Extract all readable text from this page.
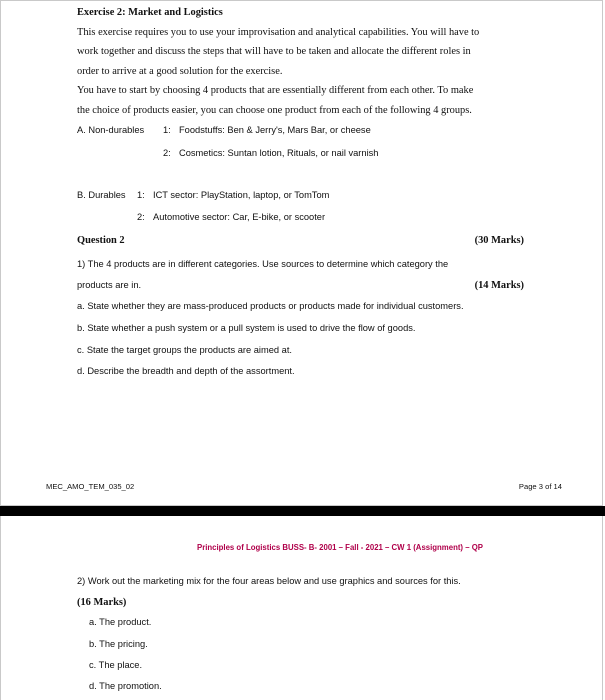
Exercise 2: Market and Logistics
This exercise requires you to use your improvisation and analytical capabilities. You will have to
work together and discuss the steps that will have to be taken and allocate the different roles in
order to arrive at a good solution for the exercise.
You have to start by choosing 4 products that are essentially different from each other. To make
the choice of products easier, you can choose one product from each of the following 4 groups.
A. Non-durables 1: Foodstuffs: Ben & Jerry's, Mars Bar, or cheese
2: Cosmetics: Suntan lotion, Rituals, or nail varnish
B. Durables 1: ICT sector: PlayStation, laptop, or TomTom
2: Automotive sector: Car, E-bike, or scooter
Question 2	(30 Marks)
1) The 4 products are in different categories. Use sources to determine which category the
products are in.	(14 Marks)
a. State whether they are mass-produced products or products made for individual customers.
b. State whether a push system or a pull system is used to drive the flow of goods.
c. State the target groups the products are aimed at.
d. Describe the breadth and depth of the assortment.
MEC_AMO_TEM_035_02	Page 3 of 14
Principles of Logistics BUSS- B- 2001 – Fall - 2021 – CW 1 (Assignment) – QP
2) Work out the marketing mix for the four areas below and use graphics and sources for this.
(16 Marks)
a. The product.
b. The pricing.
c. The place.
d. The promotion.
